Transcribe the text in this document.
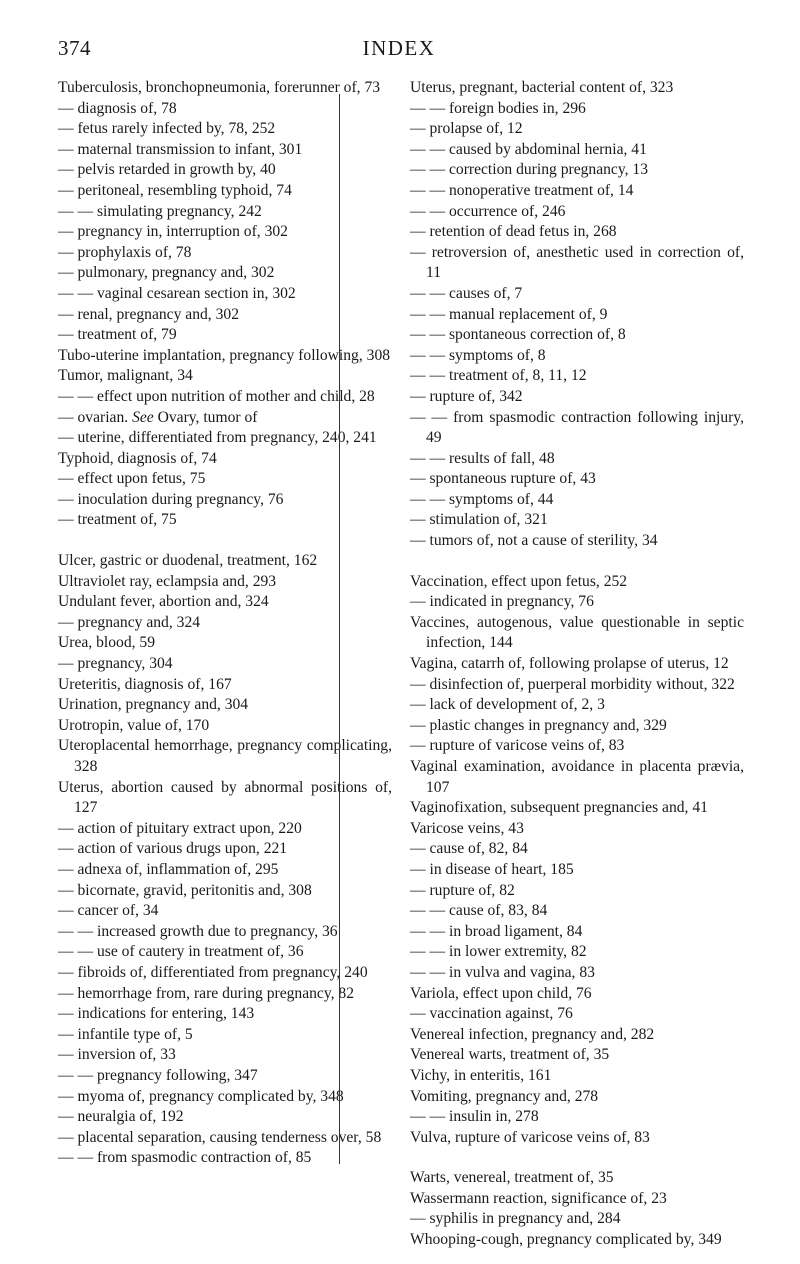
374	INDEX
Tuberculosis, bronchopneumonia, forerunner of, 73
— diagnosis of, 78
— fetus rarely infected by, 78, 252
— maternal transmission to infant, 301
— pelvis retarded in growth by, 40
— peritoneal, resembling typhoid, 74
— — simulating pregnancy, 242
— pregnancy in, interruption of, 302
— prophylaxis of, 78
— pulmonary, pregnancy and, 302
— — vaginal cesarean section in, 302
— renal, pregnancy and, 302
— treatment of, 79
Tubo-uterine implantation, pregnancy following, 308
Tumor, malignant, 34
— — effect upon nutrition of mother and child, 28
— ovarian. See Ovary, tumor of
— uterine, differentiated from pregnancy, 240, 241
Typhoid, diagnosis of, 74
— effect upon fetus, 75
— inoculation during pregnancy, 76
— treatment of, 75
Ulcer, gastric or duodenal, treatment, 162
Ultraviolet ray, eclampsia and, 293
Undulant fever, abortion and, 324
— pregnancy and, 324
Urea, blood, 59
— pregnancy, 304
Ureteritis, diagnosis of, 167
Urination, pregnancy and, 304
Urotropin, value of, 170
Uteroplacental hemorrhage, pregnancy complicating, 328
Uterus, abortion caused by abnormal positions of, 127
— action of pituitary extract upon, 220
— action of various drugs upon, 221
— adnexa of, inflammation of, 295
— bicornate, gravid, peritonitis and, 308
— cancer of, 34
— — increased growth due to pregnancy, 36
— — use of cautery in treatment of, 36
— fibroids of, differentiated from pregnancy, 240
— hemorrhage from, rare during pregnancy, 82
— indications for entering, 143
— infantile type of, 5
— inversion of, 33
— — pregnancy following, 347
— myoma of, pregnancy complicated by, 348
— neuralgia of, 192
— placental separation, causing tenderness over, 58
— — from spasmodic contraction of, 85
Uterus, pregnant, bacterial content of, 323
— — foreign bodies in, 296
— prolapse of, 12
— — caused by abdominal hernia, 41
— — correction during pregnancy, 13
— — nonoperative treatment of, 14
— — occurrence of, 246
— retention of dead fetus in, 268
— retroversion of, anesthetic used in correction of, 11
— — causes of, 7
— — manual replacement of, 9
— — spontaneous correction of, 8
— — symptoms of, 8
— — treatment of, 8, 11, 12
— rupture of, 342
— — from spasmodic contraction following injury, 49
— — results of fall, 48
— spontaneous rupture of, 43
— — symptoms of, 44
— stimulation of, 321
— tumors of, not a cause of sterility, 34
Vaccination, effect upon fetus, 252
— indicated in pregnancy, 76
Vaccines, autogenous, value questionable in septic infection, 144
Vagina, catarrh of, following prolapse of uterus, 12
— disinfection of, puerperal morbidity without, 322
— lack of development of, 2, 3
— plastic changes in pregnancy and, 329
— rupture of varicose veins of, 83
Vaginal examination, avoidance in placenta prævia, 107
Vaginofixation, subsequent pregnancies and, 41
Varicose veins, 43
— cause of, 82, 84
— in disease of heart, 185
— rupture of, 82
— — cause of, 83, 84
— — in broad ligament, 84
— — in lower extremity, 82
— — in vulva and vagina, 83
Variola, effect upon child, 76
— vaccination against, 76
Venereal infection, pregnancy and, 282
Venereal warts, treatment of, 35
Vichy, in enteritis, 161
Vomiting, pregnancy and, 278
— — insulin in, 278
Vulva, rupture of varicose veins of, 83
Warts, venereal, treatment of, 35
Wassermann reaction, significance of, 23
— syphilis in pregnancy and, 284
Whooping-cough, pregnancy complicated by, 349
